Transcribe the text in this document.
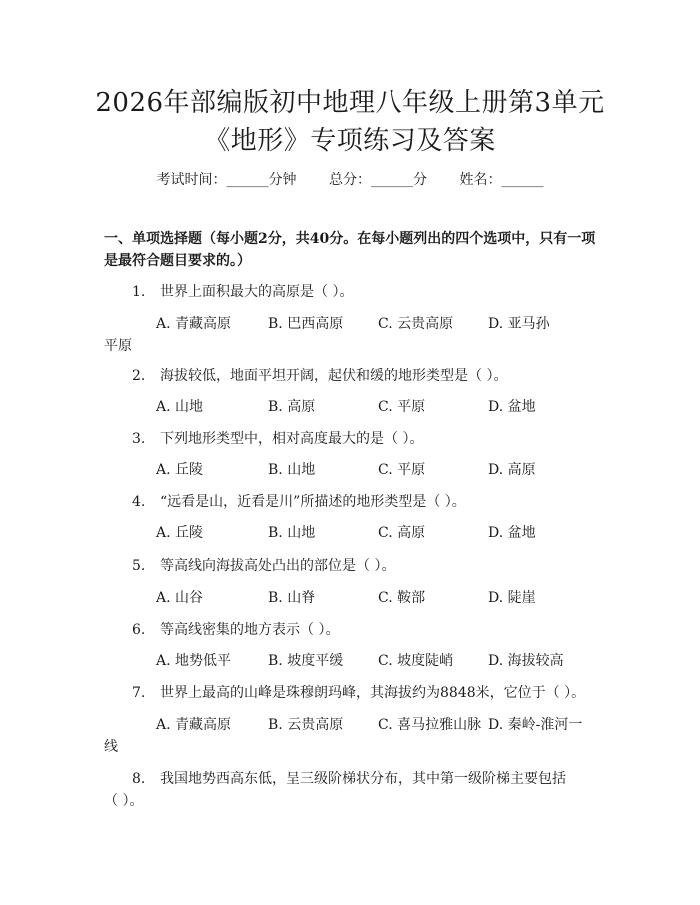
2026年部编版初中地理八年级上册第3单元
《地形》专项练习及答案
考试时间：______分钟 总分：______分 姓名：______
一、单项选择题（每小题2分，共40分。在每小题列出的四个选项中，只有一项
是最符合题目要求的。）
1. 世界上面积最大的高原是（ ）。
A. 青藏高原	B. 巴西高原 C. 云贵高原 D. 亚马孙
平原
2. 海拔较低，地面平坦开阔，起伏和缓的地形类型是（ ）。
A. 山地	B. 高原	C. 平原	D. 盆地
3. 下列地形类型中，相对高度最大的是（ ）。
A. 丘陵	B. 山地	C. 平原	D. 高原
4. “远看是山，近看是川”所描述的地形类型是（ ）。
A. 丘陵	B. 山地	C. 高原	D. 盆地
5. 等高线向海拔高处凸出的部位是（ ）。
A. 山谷	B. 山脊	C. 鞍部	D. 陡崖
6. 等高线密集的地方表示（ ）。
A. 地势低平	B. 坡度平缓 C. 坡度陡峭 D. 海拔较高
7. 世界上最高的山峰是珠穆朗玛峰，其海拔约为8848米，它位于（ ）。
A. 青藏高原	B. 云贵高原 C. 喜马拉雅山脉 D. 秦岭-淮河一
线
8. 我国地势西高东低，呈三级阶梯状分布，其中第一级阶梯主要包括
（ ）。
